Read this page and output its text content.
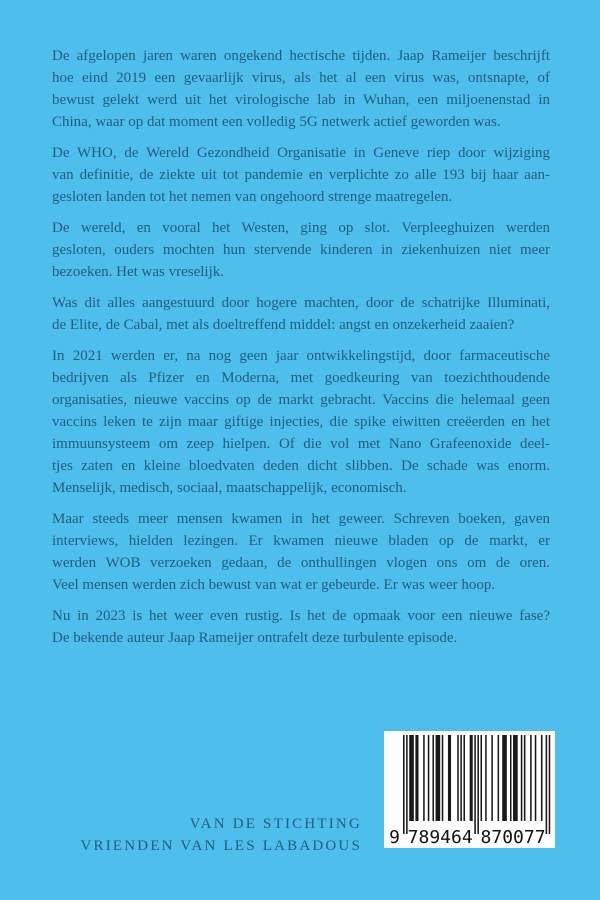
De afgelopen jaren waren ongekend hectische tijden. Jaap Rameijer beschrijft
hoe eind 2019 een gevaarlijk virus, als het al een virus was, ontsnapte, of
bewust gelekt werd uit het virologische lab in Wuhan, een miljoenenstad in
China, waar op dat moment een volledig 5G netwerk actief geworden was.
De WHO, de Wereld Gezondheid Organisatie in Geneve riep door wijziging
van definitie, de ziekte uit tot pandemie en verplichte zo alle 193 bij haar aan-
gesloten landen tot het nemen van ongehoord strenge maatregelen.
De wereld, en vooral het Westen, ging op slot. Verpleeghuizen werden
gesloten, ouders mochten hun stervende kinderen in ziekenhuizen niet meer
bezoeken. Het was vreselijk.
Was dit alles aangestuurd door hogere machten, door de schatrijke Illuminati,
de Elite, de Cabal, met als doeltreffend middel: angst en onzekerheid zaaien?
In 2021 werden er, na nog geen jaar ontwikkelingstijd, door farmaceutische
bedrijven als Pfizer en Moderna, met goedkeuring van toezichthoudende
organisaties, nieuwe vaccins op de markt gebracht. Vaccins die helemaal geen
vaccins leken te zijn maar giftige injecties, die spike eiwitten creëerden en het
immuunsysteem om zeep hielpen. Of die vol met Nano Grafeenoxide deel-
tjes zaten en kleine bloedvaten deden dicht slibben. De schade was enorm.
Menselijk, medisch, sociaal, maatschappelijk, economisch.
Maar steeds meer mensen kwamen in het geweer. Schreven boeken, gaven
interviews, hielden lezingen. Er kwamen nieuwe bladen op de markt, er
werden WOB verzoeken gedaan, de onthullingen vlogen ons om de oren.
Veel mensen werden zich bewust van wat er gebeurde. Er was weer hoop.
Nu in 2023 is het weer even rustig. Is het de opmaak voor een nieuwe fase?
De bekende auteur Jaap Rameijer ontrafelt deze turbulente episode.
VAN DE STICHTING
VRIENDEN VAN LES LABADOUS 9 789464 870077
